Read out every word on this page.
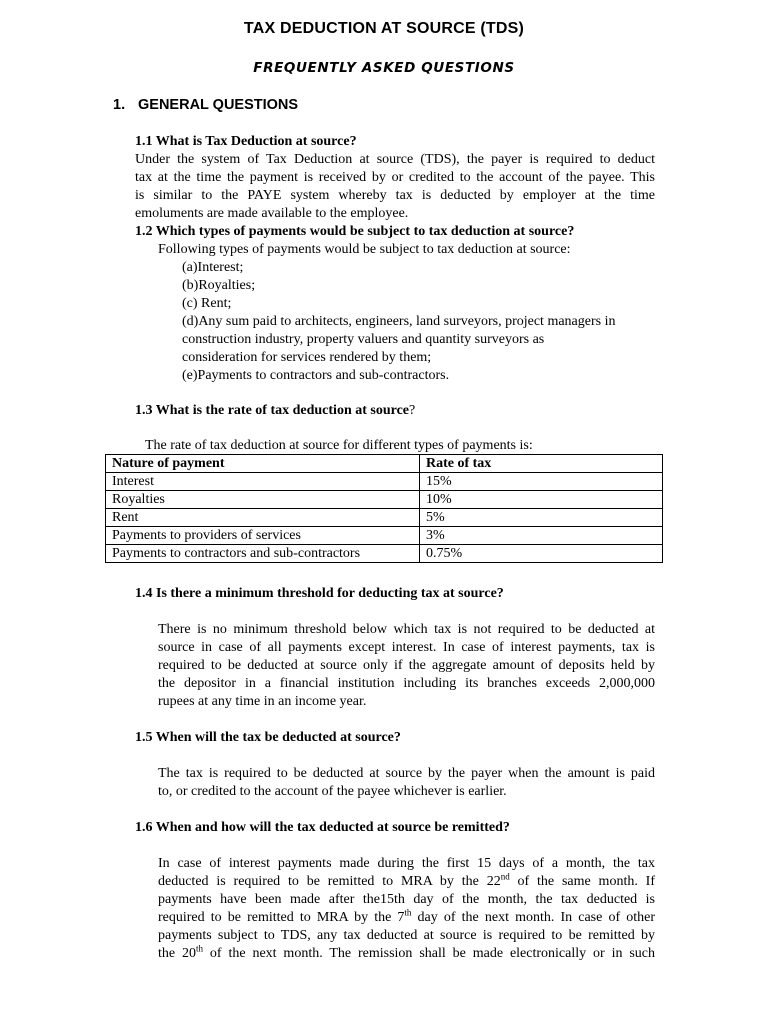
TAX DEDUCTION AT SOURCE (TDS)
FREQUENTLY ASKED QUESTIONS
1. GENERAL QUESTIONS
1.1 What is Tax Deduction at source?
Under the system of Tax Deduction at source (TDS), the payer is required to deduct
tax at the time the payment is received by or credited to the account of the payee. This
is similar to the PAYE system whereby tax is deducted by employer at the time
emoluments are made available to the employee.
1.2 Which types of payments would be subject to tax deduction at source?
Following types of payments would be subject to tax deduction at source:
(a)Interest;
(b)Royalties;
(c) Rent;
(d)Any sum paid to architects, engineers, land surveyors, project managers in
construction industry, property valuers and quantity surveyors as
consideration for services rendered by them;
(e)Payments to contractors and sub-contractors.
1.3 What is the rate of tax deduction at source?
The rate of tax deduction at source for different types of payments is:
Nature of payment	Rate of tax
Interest	15%
Royalties	10%
Rent	5%
Payments to providers of services	3%
Payments to contractors and sub-contractors	0.75%
1.4 Is there a minimum threshold for deducting tax at source?
There is no minimum threshold below which tax is not required to be deducted at
source in case of all payments except interest. In case of interest payments, tax is
required to be deducted at source only if the aggregate amount of deposits held by
the depositor in a financial institution including its branches exceeds 2,000,000
rupees at any time in an income year.
1.5 When will the tax be deducted at source?
The tax is required to be deducted at source by the payer when the amount is paid
to, or credited to the account of the payee whichever is earlier.
1.6 When and how will the tax deducted at source be remitted?
In case of interest payments made during the first 15 days of a month, the tax
deducted is required to be remitted to MRA by the 22nd of the same month. If
payments have been made after the15th day of the month, the tax deducted is
required to be remitted to MRA by the 7th day of the next month. In case of other
payments subject to TDS, any tax deducted at source is required to be remitted by
the 20th of the next month. The remission shall be made electronically or in such
